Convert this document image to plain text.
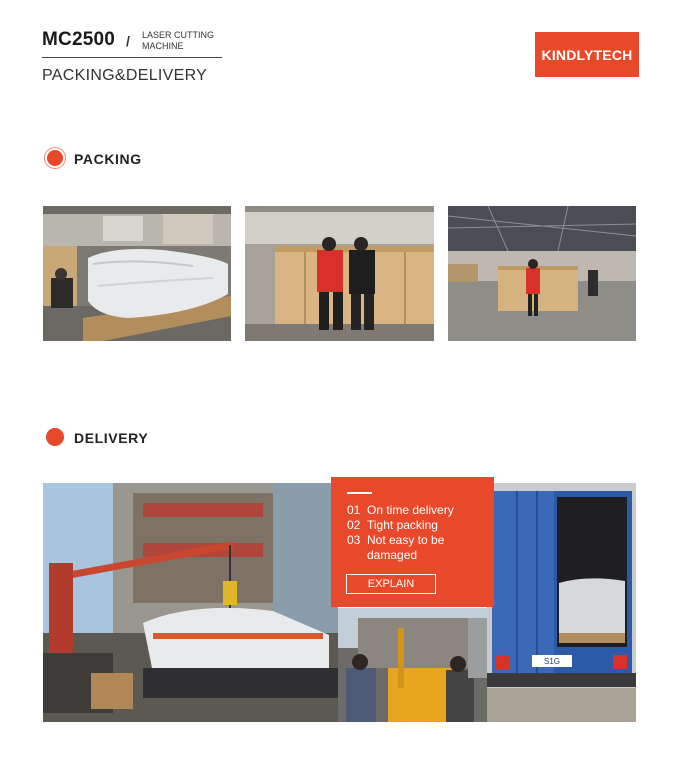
MC2500 / LASER CUTTING
MACHINE
PACKING&DELIVERY
KINDLYTECH
PACKING
DELIVERY
S1G
01 On time delivery
02 Tight packing
03 Not easy to be damaged
EXPLAIN
